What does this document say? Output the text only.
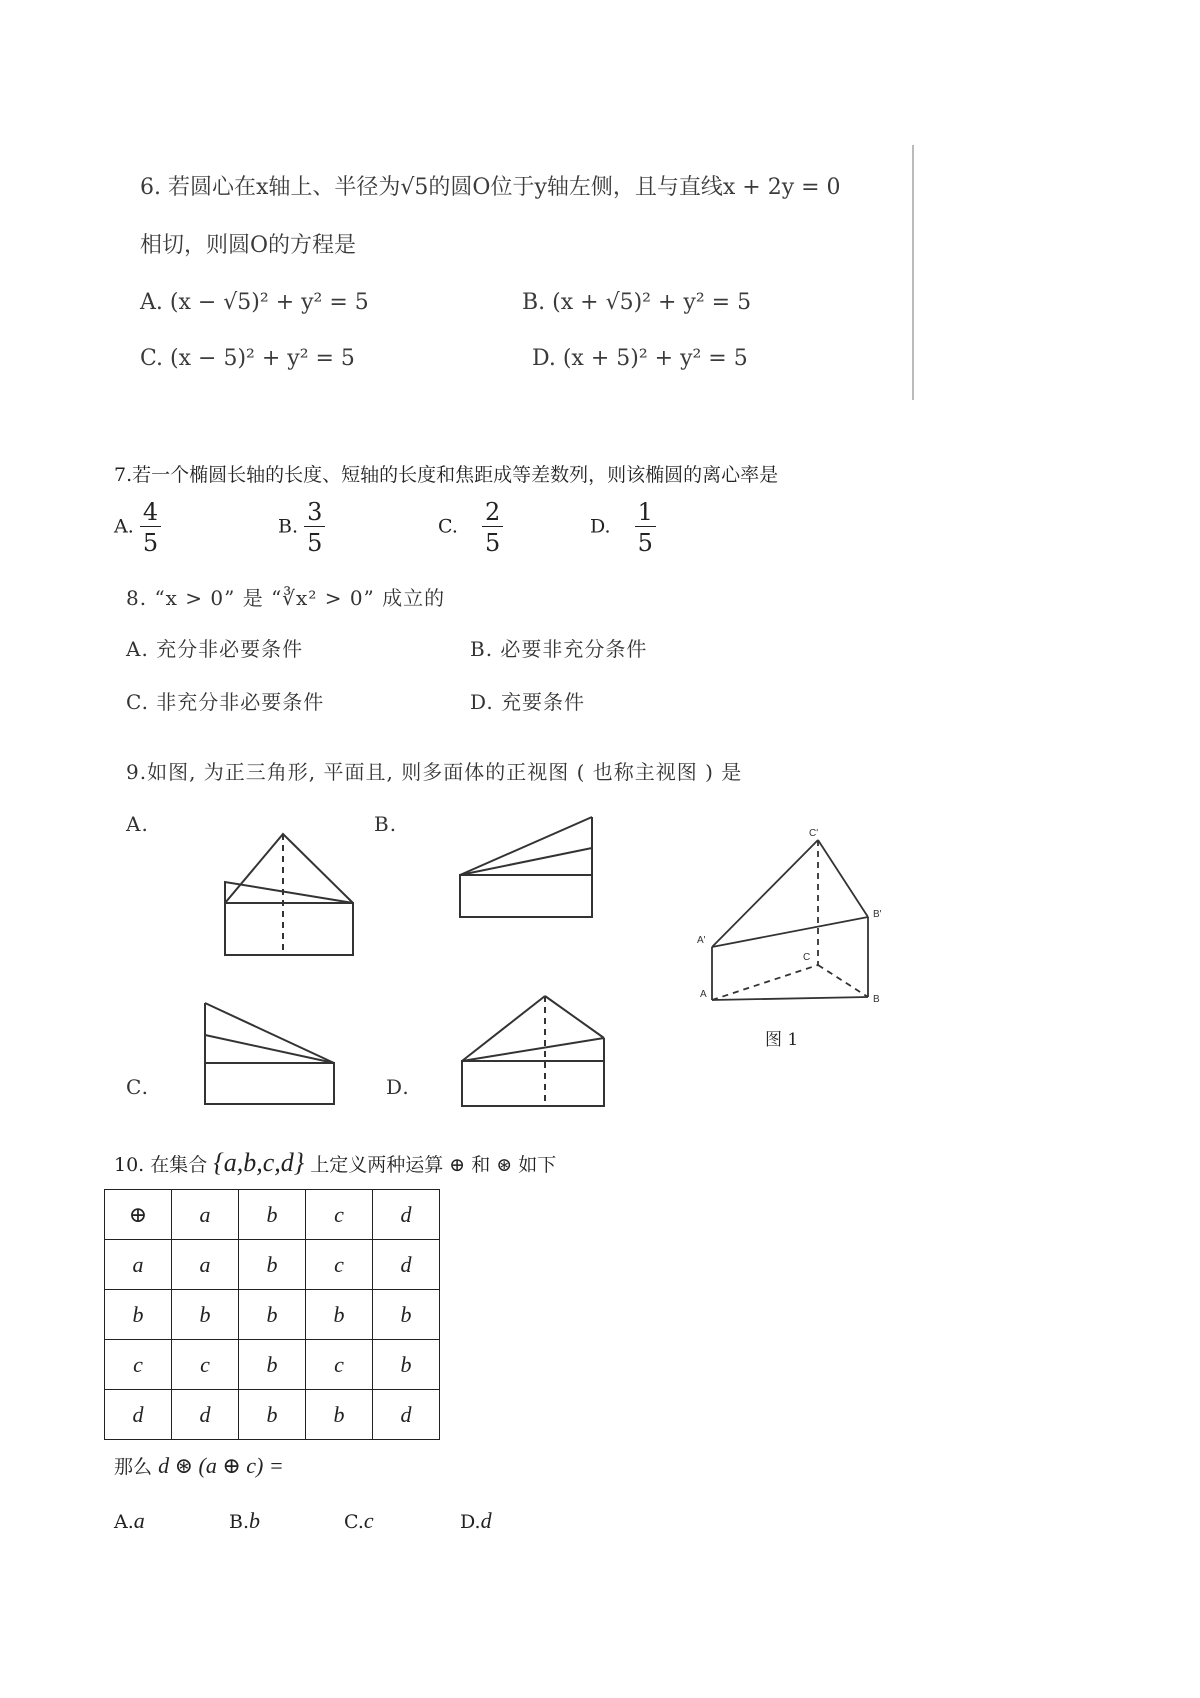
6. 若圆心在x轴上、半径为√5的圆O位于y轴左侧，且与直线x + 2y = 0
相切，则圆O的方程是
A. (x − √5)² + y² = 5	B. (x + √5)² + y² = 5
C. (x − 5)² + y² = 5	D. (x + 5)² + y² = 5
7.若一个椭圆长轴的长度、短轴的长度和焦距成等差数列，则该椭圆的离心率是
A. $\frac{4}{5}$	B. $\frac{3}{5}$	C. $\frac{2}{5}$	D. $\frac{1}{5}$
8. “x > 0” 是 “∛x² > 0” 成立的
A. 充分非必要条件	B. 必要非充分条件
C. 非充分非必要条件	D. 充要条件
9.如图, 为正三角形, 平面且, 则多面体的正视图 ( 也称主视图 ) 是
A.	B.
C.	D.
C'
B'
A'
C
A	B
图 1
10. 在集合 {a,b,c,d} 上定义两种运算 ⊕ 和 ⊛ 如下
⊕	a	b	c	d
a	a	b	c	d
b	b	b	b	b
c	c	b	c	b
d	d	b	b	d
那么 d ⊛ (a ⊕ c) =
A.a	B.b	C.c	D.d
